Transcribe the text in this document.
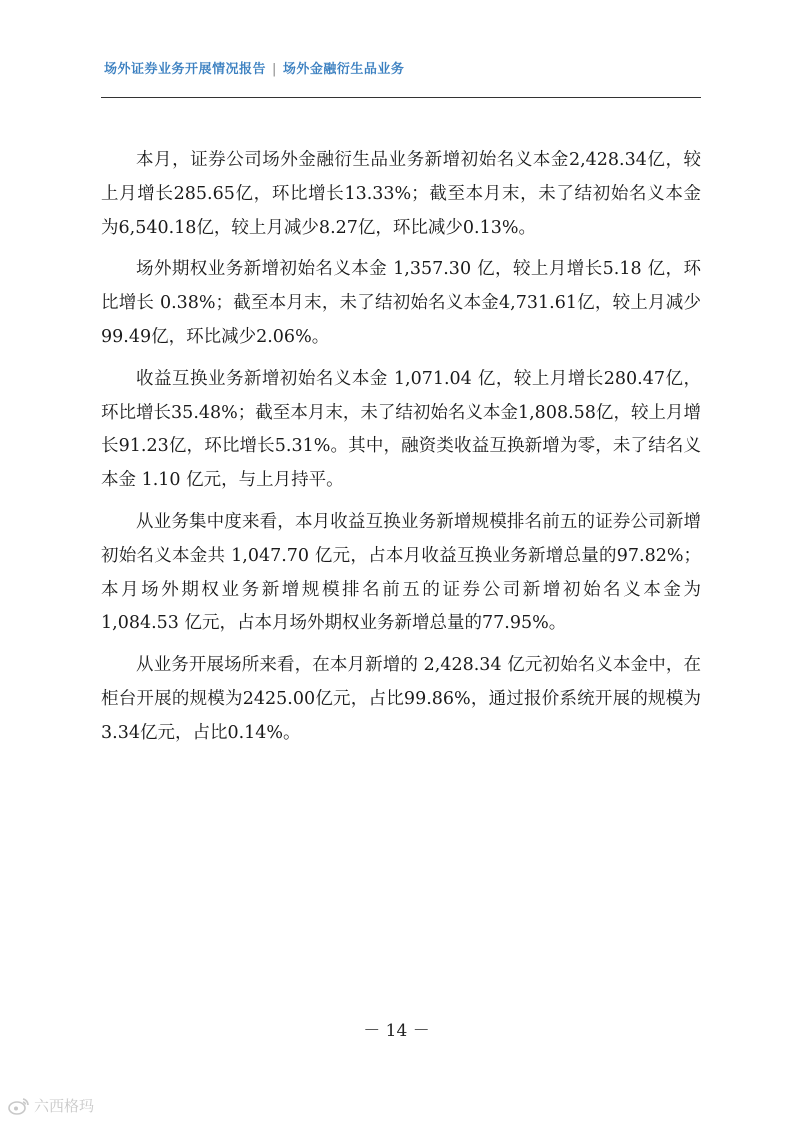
场外证券业务开展情况报告 | 场外金融衍生品业务

本月，证券公司场外金融衍生品业务新增初始名义本金2,428.34亿，较上月增长285.65亿，环比增长13.33%；截至本月末，未了结初始名义本金为6,540.18亿，较上月减少8.27亿，环比减少0.13%。

场外期权业务新增初始名义本金 1,357.30 亿，较上月增长5.18 亿，环比增长 0.38%；截至本月末，未了结初始名义本金4,731.61亿，较上月减少99.49亿，环比减少2.06%。

收益互换业务新增初始名义本金 1,071.04 亿，较上月增长280.47亿，环比增长35.48%；截至本月末，未了结初始名义本金1,808.58亿，较上月增长91.23亿，环比增长5.31%。其中，融资类收益互换新增为零，未了结名义本金 1.10 亿元，与上月持平。

从业务集中度来看，本月收益互换业务新增规模排名前五的证券公司新增初始名义本金共 1,047.70 亿元，占本月收益互换业务新增总量的97.82%；本月场外期权业务新增规模排名前五的证券公司新增初始名义本金为 1,084.53 亿元，占本月场外期权业务新增总量的77.95%。

从业务开展场所来看，在本月新增的 2,428.34 亿元初始名义本金中，在柜台开展的规模为2425.00亿元，占比99.86%，通过报价系统开展的规模为3.34亿元，占比0.14%。

－ 14 －
六西格玛
